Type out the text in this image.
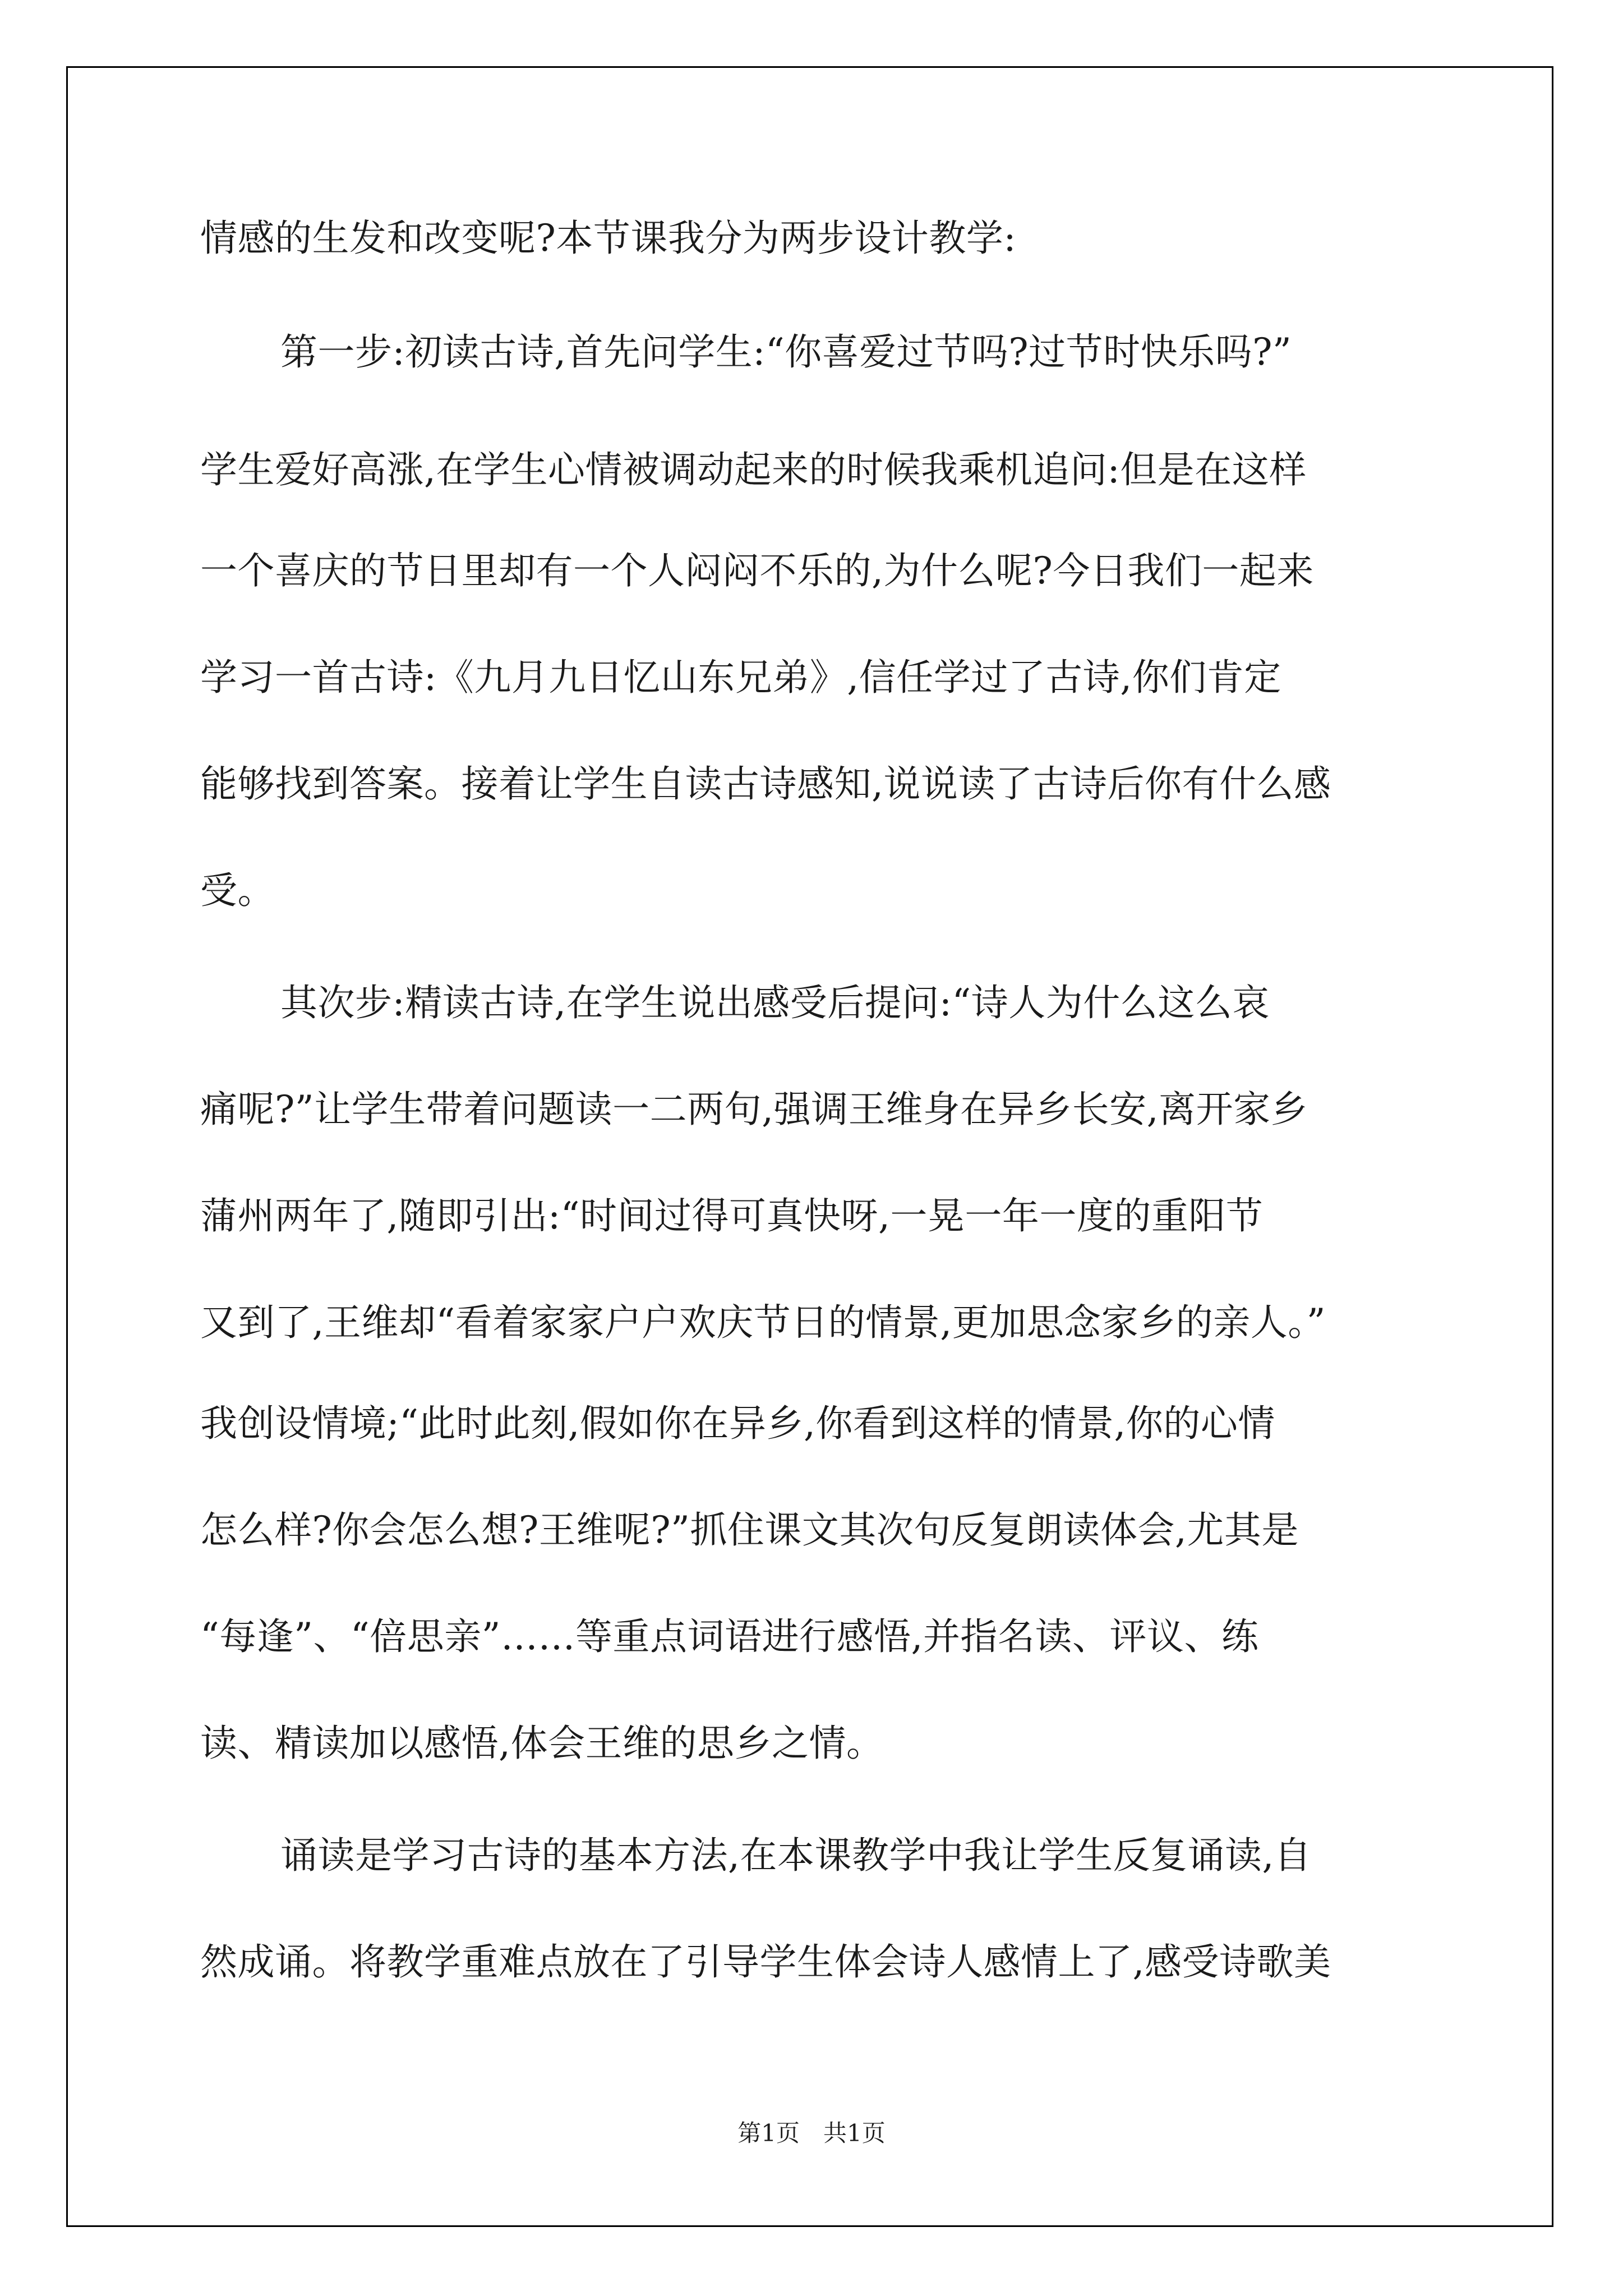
情感的生发和改变呢?本节课我分为两步设计教学:

第一步:初读古诗,首先问学生:“你喜爱过节吗?过节时快乐吗?”

学生爱好高涨,在学生心情被调动起来的时候我乘机追问:但是在这样

一个喜庆的节日里却有一个人闷闷不乐的,为什么呢?今日我们一起来

学习一首古诗:《九月九日忆山东兄弟》,信任学过了古诗,你们肯定

能够找到答案。接着让学生自读古诗感知,说说读了古诗后你有什么感

受。

其次步:精读古诗,在学生说出感受后提问:“诗人为什么这么哀

痛呢?”让学生带着问题读一二两句,强调王维身在异乡长安,离开家乡

蒲州两年了,随即引出:“时间过得可真快呀,一晃一年一度的重阳节

又到了,王维却“看着家家户户欢庆节日的情景,更加思念家乡的亲人。”

我创设情境;“此时此刻,假如你在异乡,你看到这样的情景,你的心情

怎么样?你会怎么想?王维呢?”抓住课文其次句反复朗读体会,尤其是

“每逢”、“倍思亲”……等重点词语进行感悟,并指名读、评议、练

读、精读加以感悟,体会王维的思乡之情。

诵读是学习古诗的基本方法,在本课教学中我让学生反复诵读,自

然成诵。将教学重难点放在了引导学生体会诗人感情上了,感受诗歌美

第1页　共1页
